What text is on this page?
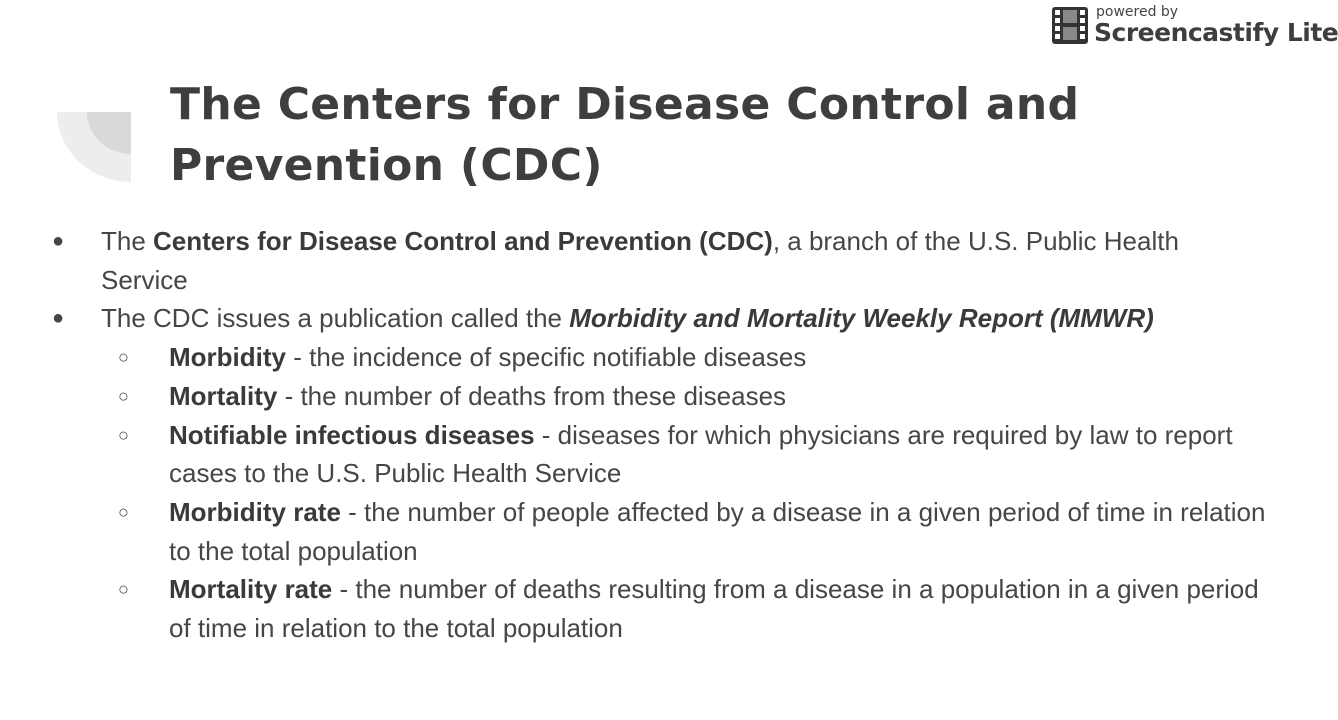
powered by
Screencastify Lite
The Centers for Disease Control and Prevention (CDC)

● The Centers for Disease Control and Prevention (CDC), a branch of the U.S. Public Health Service

● The CDC issues a publication called the Morbidity and Mortality Weekly Report (MMWR)

○ Morbidity - the incidence of specific notifiable diseases

○ Mortality - the number of deaths from these diseases

○ Notifiable infectious diseases - diseases for which physicians are required by law to report cases to the U.S. Public Health Service

○ Morbidity rate - the number of people affected by a disease in a given period of time in relation to the total population

○ Mortality rate - the number of deaths resulting from a disease in a population in a given period of time in relation to the total population
